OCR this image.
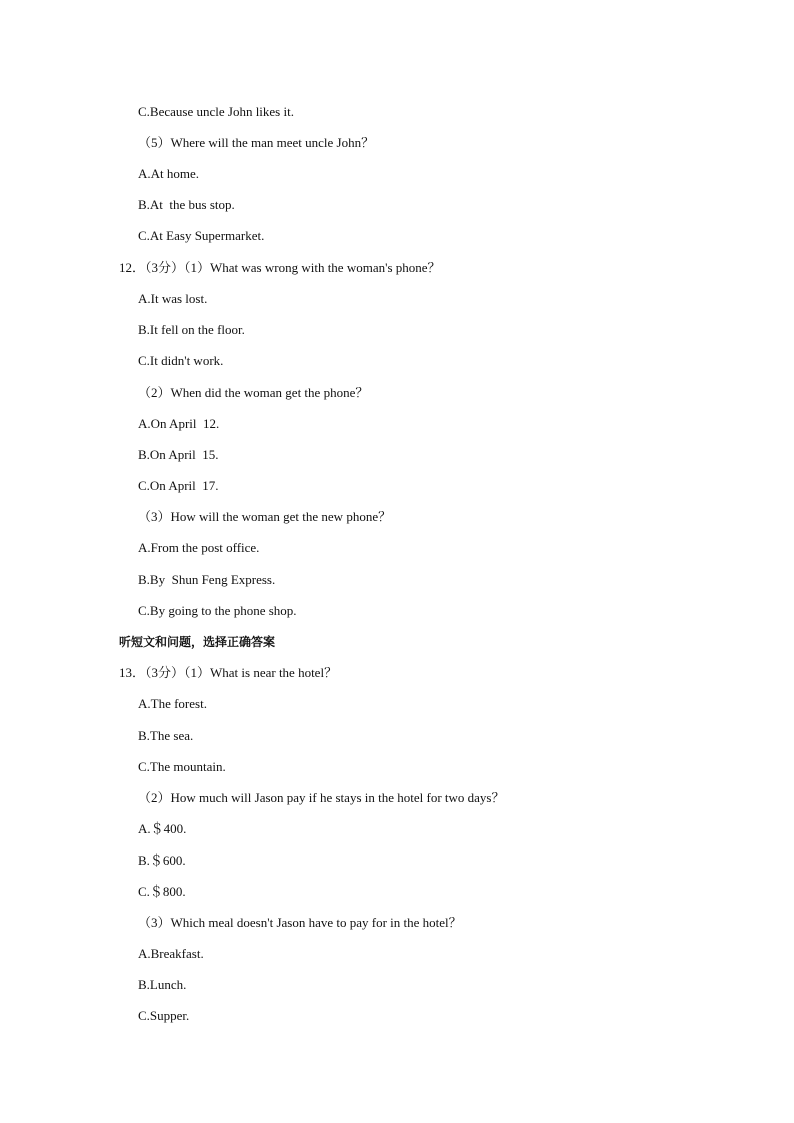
C.Because uncle John likes it.
（5）Where will the man meet uncle John？
A.At home.
B.At  the bus stop.
C.At Easy Supermarket.
12．（3分）（1）What was wrong with the woman's phone？
A.It was lost.
B.It fell on the floor.
C.It didn't work.
（2）When did the woman get the phone？
A.On April  12.
B.On April  15.
C.On April  17.
（3）How will the woman get the new phone？
A.From the post office.
B.By  Shun Feng Express.
C.By going to the phone shop.
听短文和问题，选择正确答案
13．（3分）（1）What is near the hotel？
A.The forest.
B.The sea.
C.The mountain.
（2）How much will Jason pay if he stays in the hotel for two days？
A.＄400.
B.＄600.
C.＄800.
（3）Which meal doesn't Jason have to pay for in the hotel？
A.Breakfast.
B.Lunch.
C.Supper.
